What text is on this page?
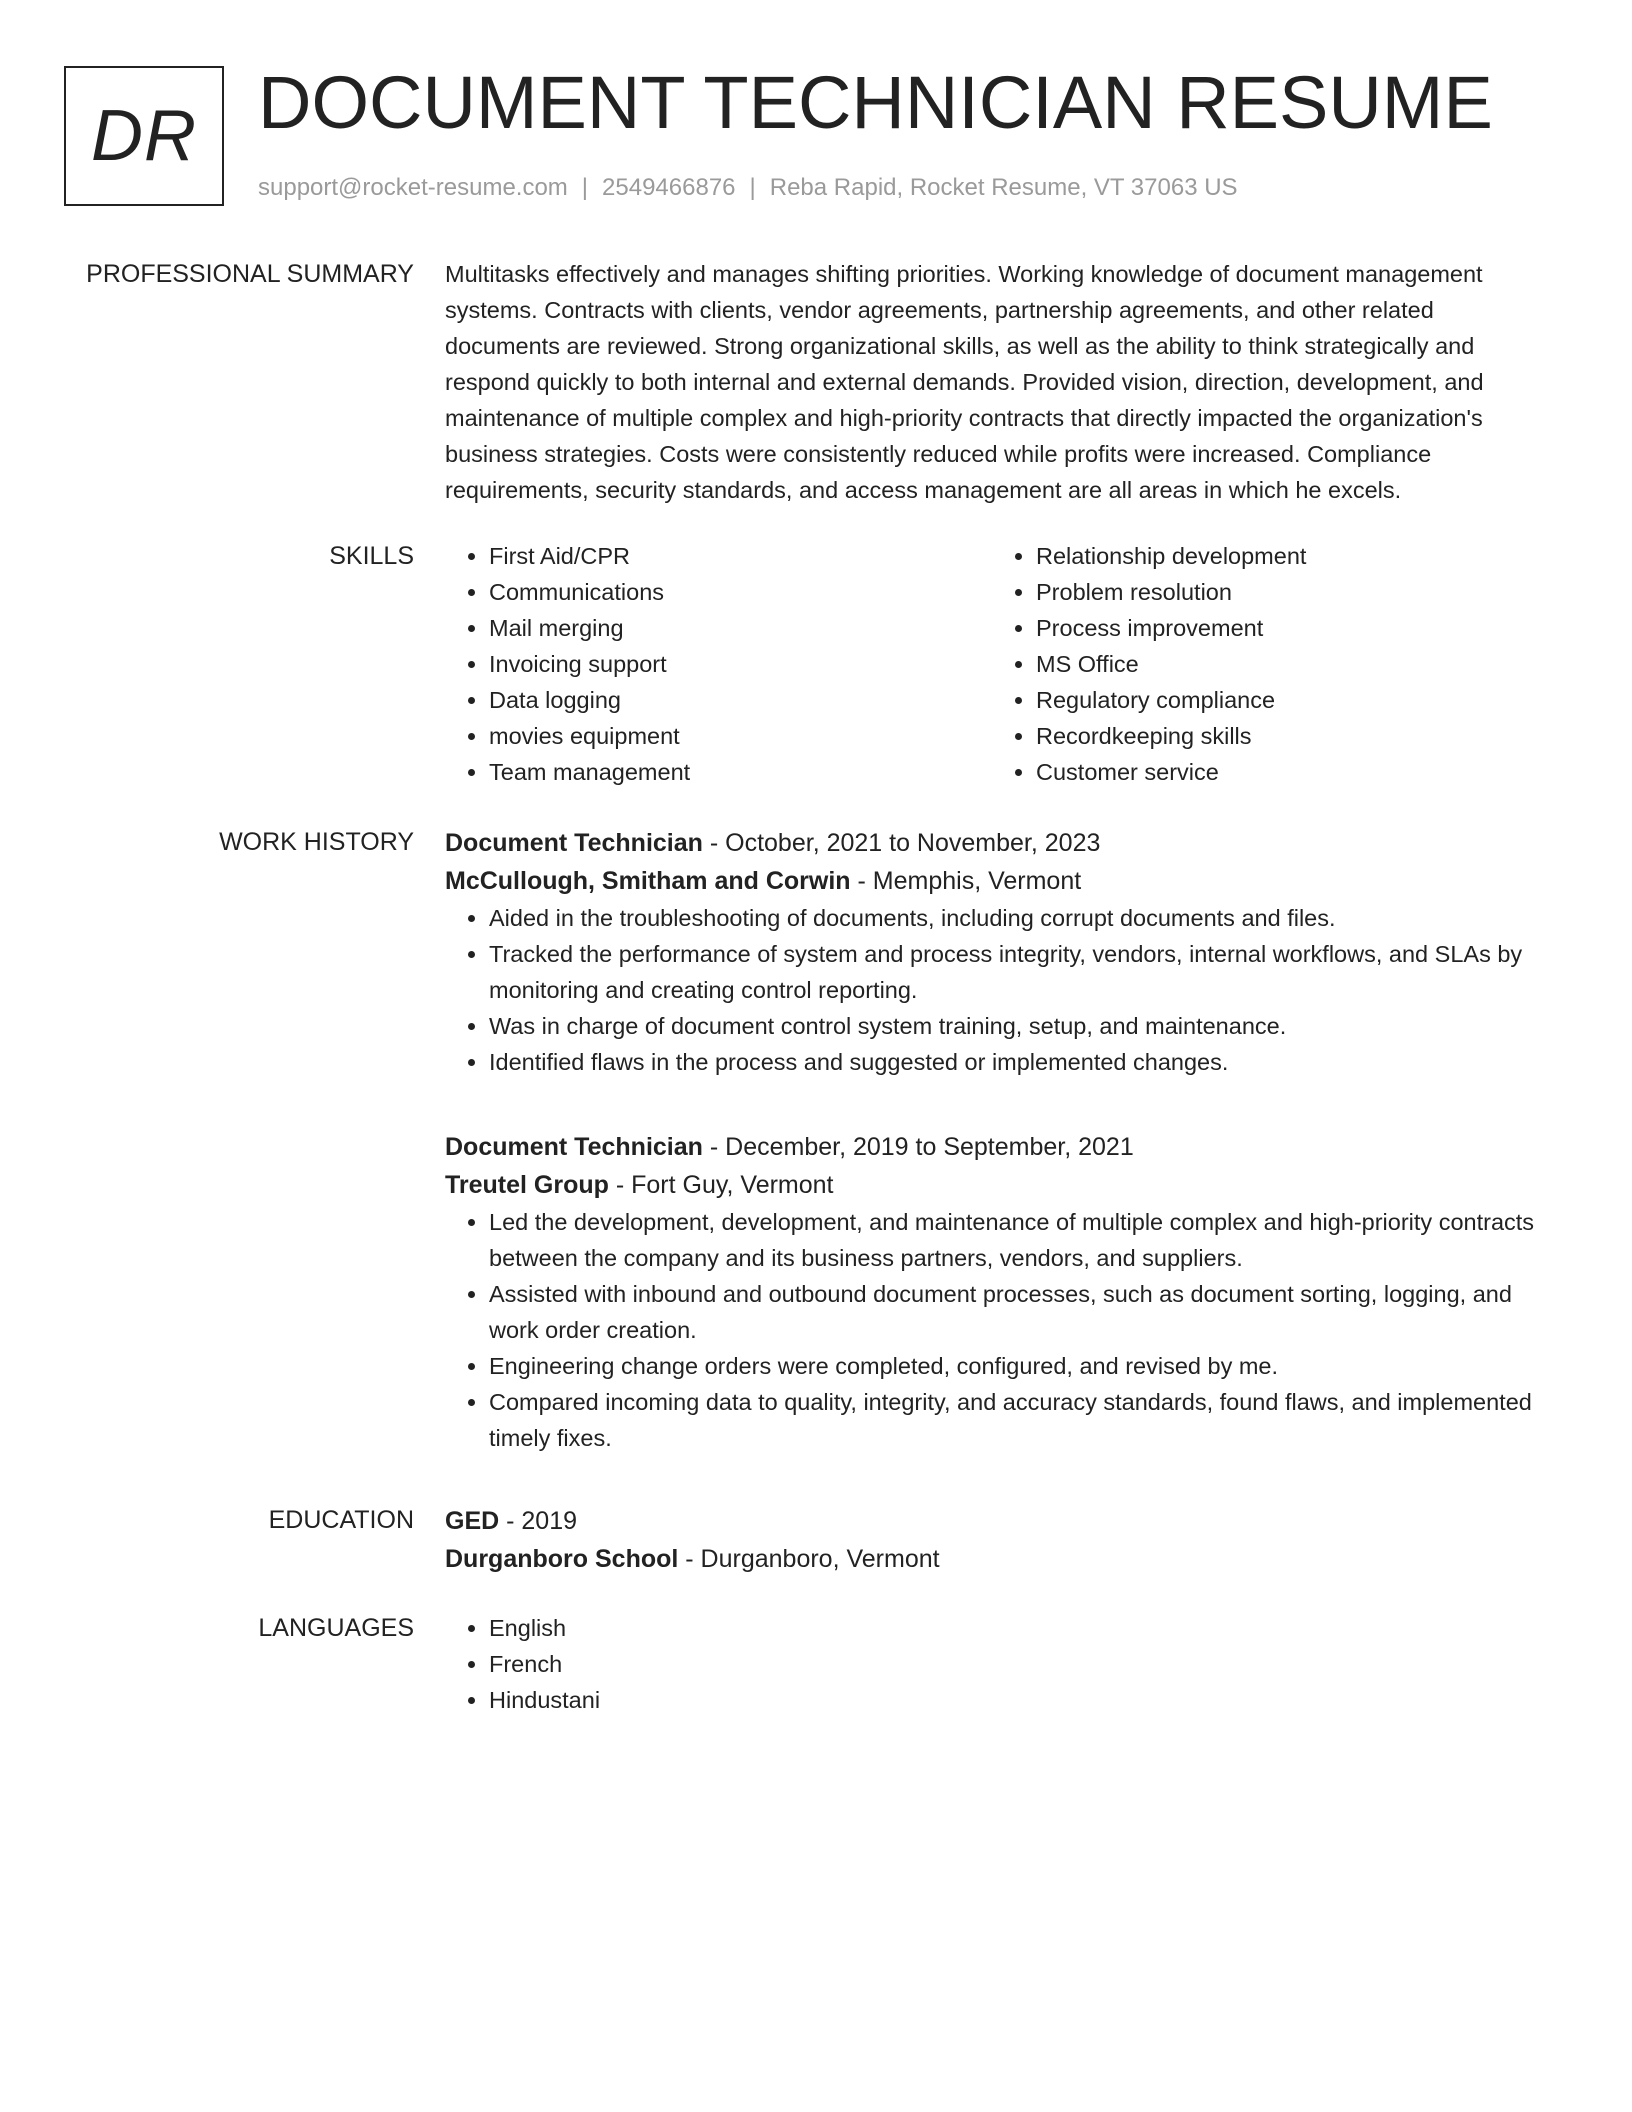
DR DOCUMENT TECHNICIAN RESUME
support@rocket-resume.com | 2549466876 | Reba Rapid, Rocket Resume, VT 37063 US
PROFESSIONAL SUMMARY Multitasks effectively and manages shifting priorities. Working knowledge of document management
systems. Contracts with clients, vendor agreements, partnership agreements, and other related
documents are reviewed. Strong organizational skills, as well as the ability to think strategically and
respond quickly to both internal and external demands. Provided vision, direction, development, and
maintenance of multiple complex and high-priority contracts that directly impacted the organization's
business strategies. Costs were consistently reduced while profits were increased. Compliance
requirements, security standards, and access management are all areas in which he excels.
SKILLS	• First Aid/CPR
• Communications
• Mail merging
• Invoicing support
• Data logging
• movies equipment
• Team management
• Relationship development
• Problem resolution
• Process improvement
• MS Office
• Regulatory compliance
• Recordkeeping skills
• Customer service
WORK HISTORY Document Technician - October, 2021 to November, 2023
McCullough, Smitham and Corwin - Memphis, Vermont
• Aided in the troubleshooting of documents, including corrupt documents and files.
• Tracked the performance of system and process integrity, vendors, internal workflows, and SLAs by monitoring and creating control reporting.
• Was in charge of document control system training, setup, and maintenance.
• Identified flaws in the process and suggested or implemented changes.
Document Technician - December, 2019 to September, 2021
Treutel Group - Fort Guy, Vermont
• Led the development, development, and maintenance of multiple complex and high-priority contracts between the company and its business partners, vendors, and suppliers.
• Assisted with inbound and outbound document processes, such as document sorting, logging, and work order creation.
• Engineering change orders were completed, configured, and revised by me.
• Compared incoming data to quality, integrity, and accuracy standards, found flaws, and implemented timely fixes.
EDUCATION GED - 2019
Durganboro School - Durganboro, Vermont
LANGUAGES	• English
• French
• Hindustani
